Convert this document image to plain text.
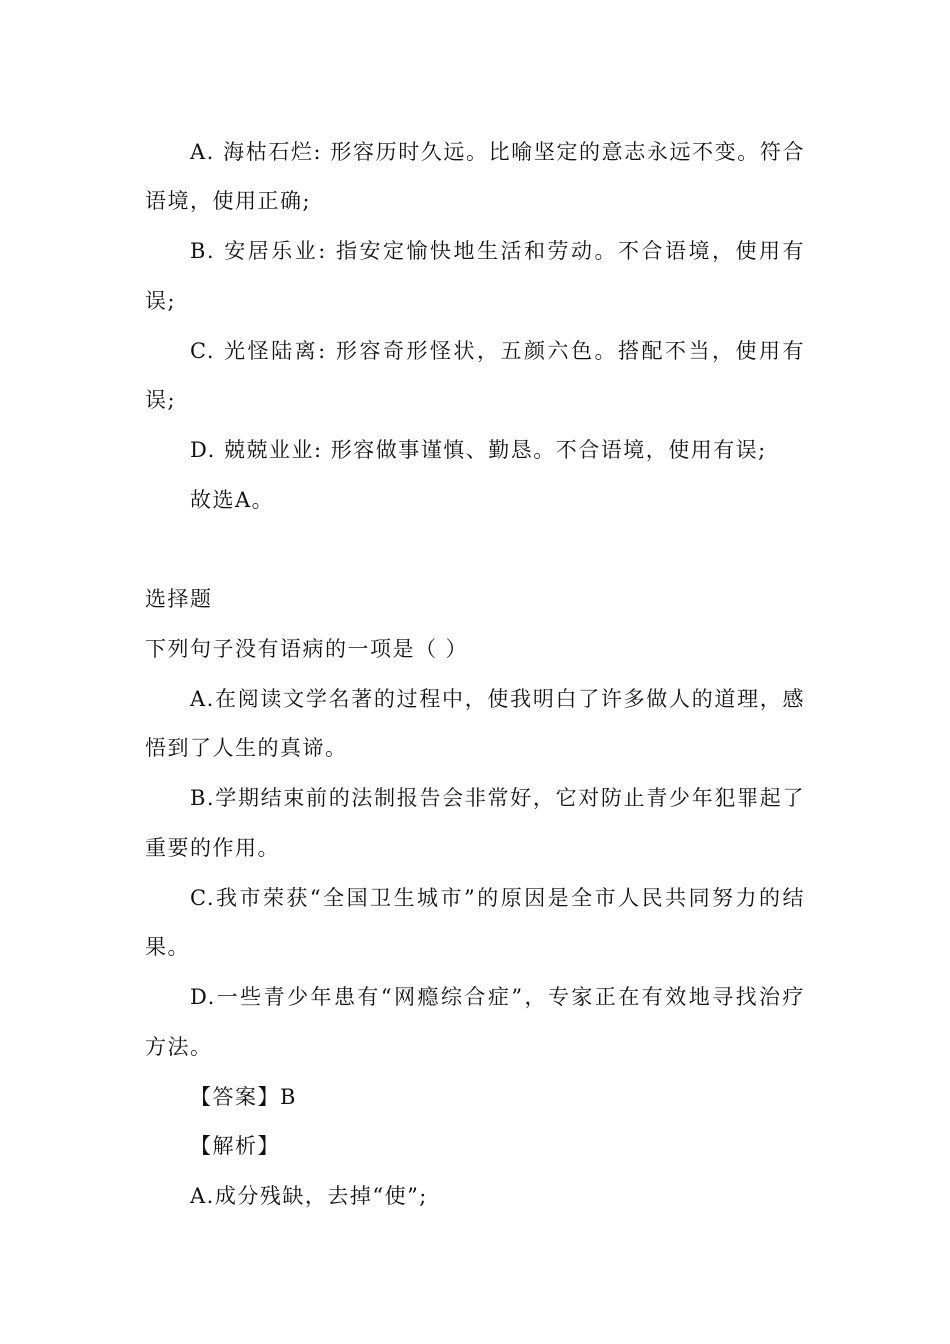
A. 海枯石烂: 形容历时久远。比喻坚定的意志永远不变。符合
语境，使用正确;
B. 安居乐业: 指安定愉快地生活和劳动。不合语境，使用有
误;
C. 光怪陆离: 形容奇形怪状，五颜六色。搭配不当，使用有
误;
D. 兢兢业业: 形容做事谨慎、勤恳。不合语境，使用有误;
故选A。
选择题
下列句子没有语病的一项是（ ）
A.在阅读文学名著的过程中，使我明白了许多做人的道理，感
悟到了人生的真谛。
B.学期结束前的法制报告会非常好，它对防止青少年犯罪起了
重要的作用。
C.我市荣获“全国卫生城市”的原因是全市人民共同努力的结
果。
D.一些青少年患有“网瘾综合症”，专家正在有效地寻找治疗
方法。
【答案】B
【解析】
A.成分残缺，去掉“使”;
